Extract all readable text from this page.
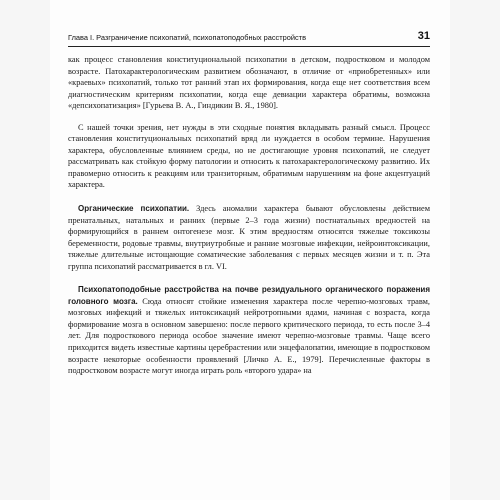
Глава I. Разграничение психопатий, психопатоподобных расстройств	31

как процесс становления конституциональной психопатии в детском, подростковом и молодом возрасте. Патохарактерологическим развитием обозначают, в отличие от «приобретенных» или «краевых» психопатий, только тот ранний этап их формирования, когда еще нет соответствия всем диагностическим критериям психопатии, когда еще девиации характера обратимы, возможна «депсихопатизация» [Гурьева В. А., Гиндикин В. Я., 1980].

С нашей точки зрения, нет нужды в эти сходные понятия вкладывать разный смысл. Процесс становления конституциональных психопатий вряд ли нуждается в особом термине. Нарушения характера, обусловленные влиянием среды, но не достигающие уровня психопатий, не следует рассматривать как стойкую форму патологии и относить к патохарактерологическому развитию. Их правомерно относить к реакциям или транзиторным, обратимым нарушениям на фоне акцентуаций характера.

Органические психопатии. Здесь аномалии характера бывают обусловлены действием пренатальных, натальных и ранних (первые 2–3 года жизни) постнатальных вредностей на формирующийся в раннем онтогенезе мозг. К этим вредностям относятся тяжелые токсикозы беременности, родовые травмы, внутриутробные и ранние мозговые инфекции, нейроинтоксикации, тяжелые длительные истощающие соматические заболевания с первых месяцев жизни и т. п. Эта группа психопатий рассматривается в гл. VI.

Психопатоподобные расстройства на почве резидуального органического поражения головного мозга. Сюда относят стойкие изменения характера после черепно-мозговых травм, мозговых инфекций и тяжелых интоксикаций нейротропными ядами, начиная с возраста, когда формирование мозга в основном завершено: после первого критического периода, то есть после 3–4 лет. Для подросткового периода особое значение имеют черепно-мозговые травмы. Чаще всего приходится видеть известные картины церебрастении или энцефалопатии, имеющие в подростковом возрасте некоторые особенности проявлений [Личко А. Е., 1979]. Перечисленные факторы в подростковом возрасте могут иногда играть роль «второго удара» на
